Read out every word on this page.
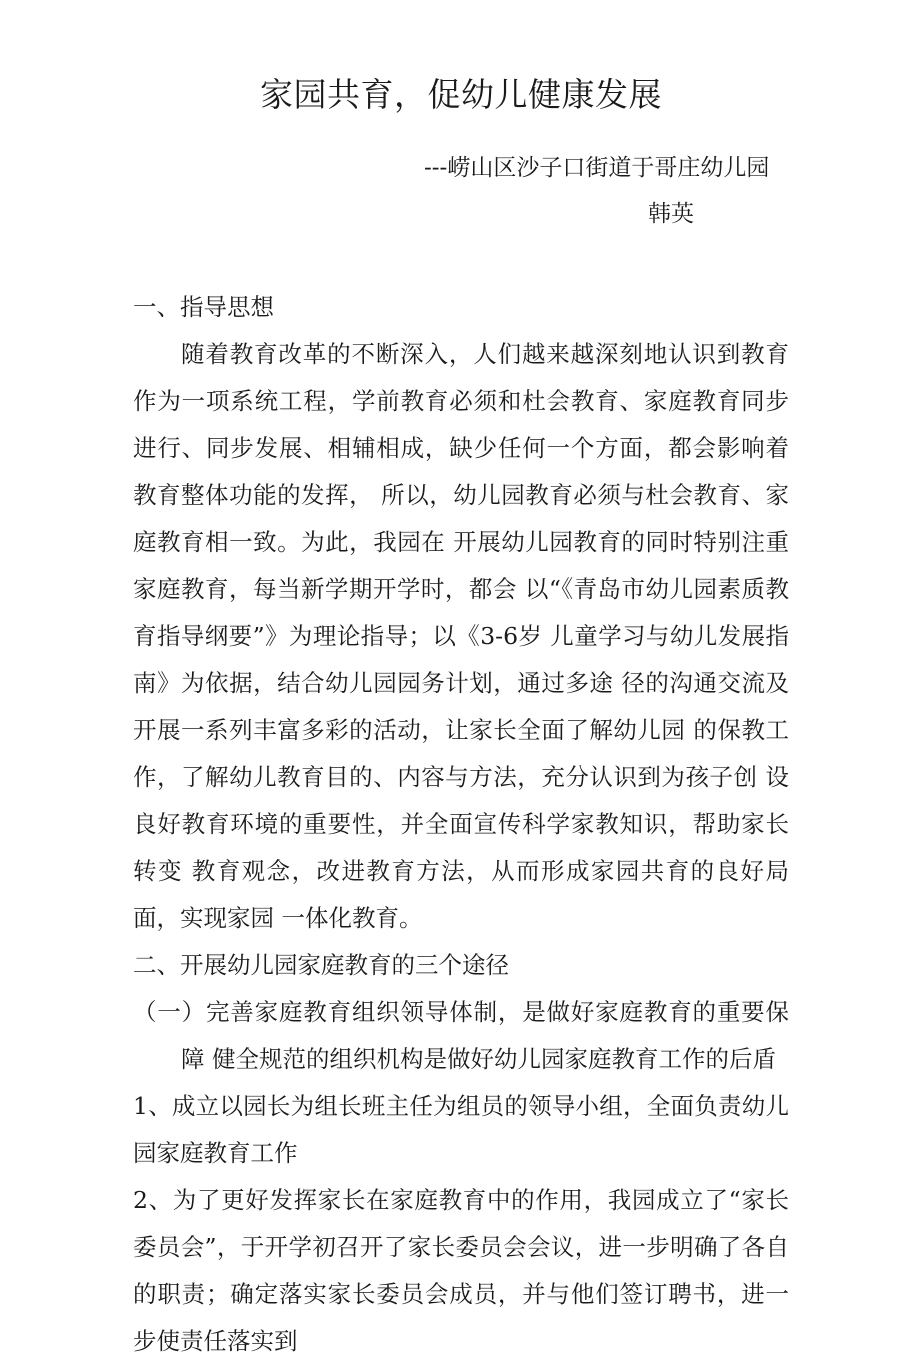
家园共育，促幼儿健康发展
---崂山区沙子口街道于哥庄幼儿园
韩英

一、指导思想

随着教育改革的不断深入，人们越来越深刻地认识到教育作为一项系统工程，学前教育必须和杜会教育、家庭教育同步进行、同步发展、相辅相成，缺少任何一个方面，都会影响着教育整体功能的发挥， 所以，幼儿园教育必须与杜会教育、家庭教育相一致。为此，我园在 开展幼儿园教育的同时特别注重家庭教育，每当新学期开学时，都会 以“《青岛市幼儿园素质教育指导纲要”》为理论指导；以《3-6岁 儿童学习与幼儿发展指南》为依据，结合幼儿园园务计划，通过多途 径的沟通交流及开展一系列丰富多彩的活动，让家长全面了解幼儿园 的保教工作，了解幼儿教育目的、内容与方法，充分认识到为孩子创 设良好教育环境的重要性，并全面宣传科学家教知识，帮助家长转变 教育观念，改进教育方法，从而形成家园共育的良好局面，实现家园 一体化教育。

二、开展幼儿园家庭教育的三个途径

（一）完善家庭教育组织领导体制，是做好家庭教育的重要保障 健全规范的组织机构是做好幼儿园家庭教育工作的后盾

1、成立以园长为组长班主任为组员的领导小组，全面负责幼儿园家庭教育工作

2、为了更好发挥家长在家庭教育中的作用，我园成立了“家长委员会”，于开学初召开了家长委员会会议，进一步明确了各自的职责；确定落实家长委员会成员，并与他们签订聘书，进一步使责任落实到
